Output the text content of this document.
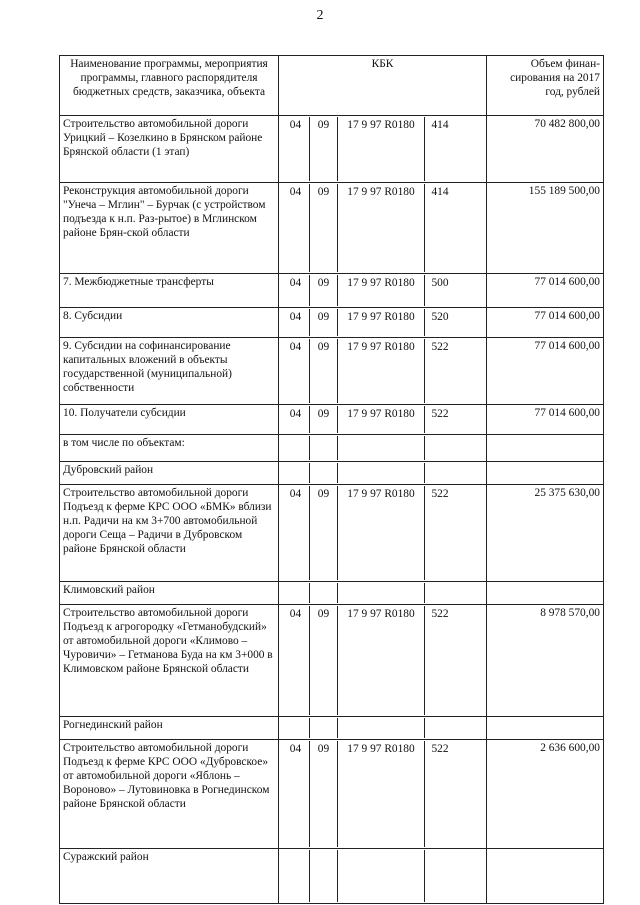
2
Наименование программы, мероприятия программы, главного распорядителя бюджетных средств, заказчика, объекта	КБК	Объем финан-сирования на 2017 год, рублей
Строительство автомобильной дороги Урицкий – Козелкино в Брянском районе Брянской области (1 этап)	04 09 17 9 97 R0180 414	70 482 800,00
Реконструкция автомобильной дороги "Унеча – Мглин" – Бурчак (с устройством подъезда к н.п. Раз-рытое) в Мглинском районе Брян-ской области	04 09 17 9 97 R0180 414	155 189 500,00
7. Межбюджетные трансферты	04 09 17 9 97 R0180 500	77 014 600,00
8. Субсидии	04 09 17 9 97 R0180 520	77 014 600,00
9. Субсидии на софинансирование капитальных вложений в объекты государственной (муниципальной) собственности	04 09 17 9 97 R0180 522	77 014 600,00
10. Получатели субсидии	04 09 17 9 97 R0180 522	77 014 600,00
в том числе по объектам:	

Дубровский район	

Строительство автомобильной дороги Подъезд к ферме КРС ООО «БМК» вблизи н.п. Радичи на км 3+700 автомобильной дороги Сеща – Радичи в Дубровском районе Брянской области	04 09 17 9 97 R0180 522	25 375 630,00
Климовский район	

Строительство автомобильной дороги Подъезд к агрогородку «Гетманобудский» от автомобильной дороги «Климово – Чуровичи» – Гетманова Буда на км 3+000 в Климовском районе Брянской области	04 09 17 9 97 R0180 522	8 978 570,00
Рогнединский район	

Строительство автомобильной дороги Подъезд к ферме КРС ООО «Дубровское» от автомобильной дороги «Яблонь – Вороново» – Лутовиновка в Рогнединском районе Брянской области	04 09 17 9 97 R0180 522	2 636 600,00
Суражский район	
